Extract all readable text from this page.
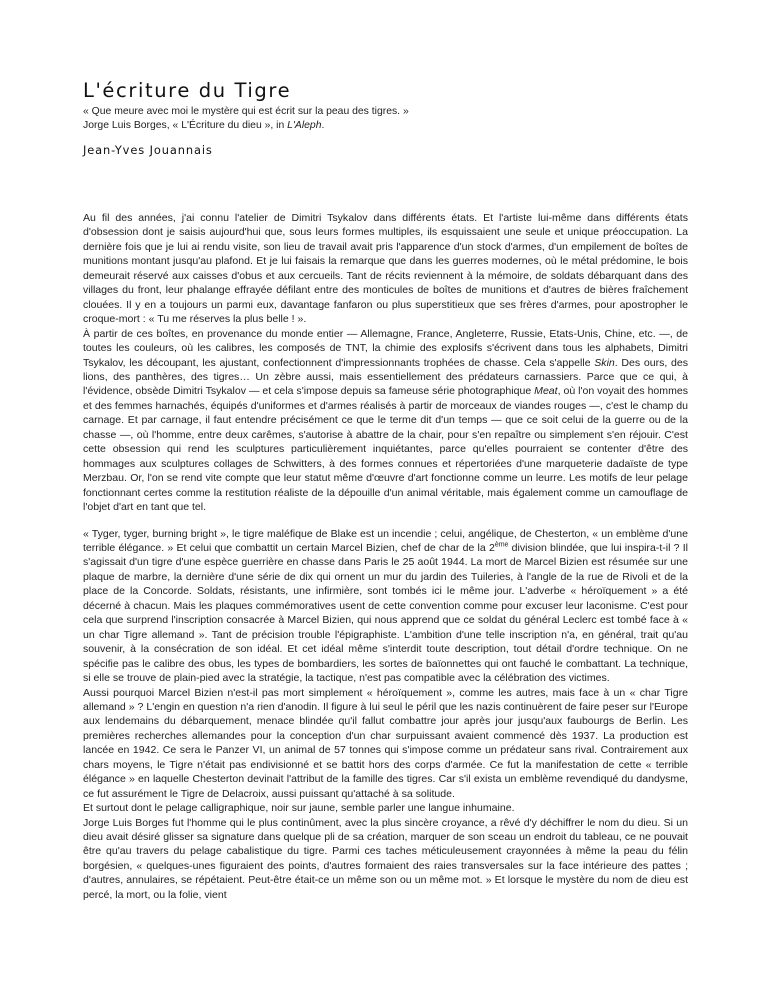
L'écriture du Tigre
« Que meure avec moi le mystère qui est écrit sur la peau des tigres. »
Jorge Luis Borges, « L'Écriture du dieu », in L'Aleph.
Jean-Yves Jouannais

Au fil des années, j'ai connu l'atelier de Dimitri Tsykalov dans différents états. Et l'artiste lui-même dans différents états d'obsession dont je saisis aujourd'hui que, sous leurs formes multiples, ils esquissaient une seule et unique préoccupation. La dernière fois que je lui ai rendu visite, son lieu de travail avait pris l'apparence d'un stock d'armes, d'un empilement de boîtes de munitions montant jusqu'au plafond. Et je lui faisais la remarque que dans les guerres modernes, où le métal prédomine, le bois demeurait réservé aux caisses d'obus et aux cercueils. Tant de récits reviennent à la mémoire, de soldats débarquant dans des villages du front, leur phalange effrayée défilant entre des monticules de boîtes de munitions et d'autres de bières fraîchement clouées. Il y en a toujours un parmi eux, davantage fanfaron ou plus superstitieux que ses frères d'armes, pour apostropher le croque-mort : « Tu me réserves la plus belle ! ».

À partir de ces boîtes, en provenance du monde entier — Allemagne, France, Angleterre, Russie, Etats-Unis, Chine, etc. —, de toutes les couleurs, où les calibres, les composés de TNT, la chimie des explosifs s'écrivent dans tous les alphabets, Dimitri Tsykalov, les découpant, les ajustant, confectionnent d'impressionnants trophées de chasse. Cela s'appelle Skin. Des ours, des lions, des panthères, des tigres… Un zèbre aussi, mais essentiellement des prédateurs carnassiers. Parce que ce qui, à l'évidence, obsède Dimitri Tsykalov — et cela s'impose depuis sa fameuse série photographique Meat, où l'on voyait des hommes et des femmes harnachés, équipés d'uniformes et d'armes réalisés à partir de morceaux de viandes rouges —, c'est le champ du carnage. Et par carnage, il faut entendre précisément ce que le terme dit d'un temps — que ce soit celui de la guerre ou de la chasse —, où l'homme, entre deux carêmes, s'autorise à abattre de la chair, pour s'en repaître ou simplement s'en réjouir. C'est cette obsession qui rend les sculptures particulièrement inquiétantes, parce qu'elles pourraient se contenter d'être des hommages aux sculptures collages de Schwitters, à des formes connues et répertoriées d'une marqueterie dadaïste de type Merzbau. Or, l'on se rend vite compte que leur statut même d'œuvre d'art fonctionne comme un leurre. Les motifs de leur pelage fonctionnant certes comme la restitution réaliste de la dépouille d'un animal véritable, mais également comme un camouflage de l'objet d'art en tant que tel.

« Tyger, tyger, burning bright », le tigre maléfique de Blake est un incendie ; celui, angélique, de Chesterton, « un emblème d'une terrible élégance. » Et celui que combattit un certain Marcel Bizien, chef de char de la 2ème division blindée, que lui inspira-t-il ? Il s'agissait d'un tigre d'une espèce guerrière en chasse dans Paris le 25 août 1944. La mort de Marcel Bizien est résumée sur une plaque de marbre, la dernière d'une série de dix qui ornent un mur du jardin des Tuileries, à l'angle de la rue de Rivoli et de la place de la Concorde. Soldats, résistants, une infirmière, sont tombés ici le même jour. L'adverbe « héroïquement » a été décerné à chacun. Mais les plaques commémoratives usent de cette convention comme pour excuser leur laconisme. C'est pour cela que surprend l'inscription consacrée à Marcel Bizien, qui nous apprend que ce soldat du général Leclerc est tombé face à « un char Tigre allemand ». Tant de précision trouble l'épigraphiste. L'ambition d'une telle inscription n'a, en général, trait qu'au souvenir, à la consécration de son idéal. Et cet idéal même s'interdit toute description, tout détail d'ordre technique. On ne spécifie pas le calibre des obus, les types de bombardiers, les sortes de baïonnettes qui ont fauché le combattant. La technique, si elle se trouve de plain-pied avec la stratégie, la tactique, n'est pas compatible avec la célébration des victimes.

Aussi pourquoi Marcel Bizien n'est-il pas mort simplement « héroïquement », comme les autres, mais face à un « char Tigre allemand » ? L'engin en question n'a rien d'anodin. Il figure à lui seul le péril que les nazis continuèrent de faire peser sur l'Europe aux lendemains du débarquement, menace blindée qu'il fallut combattre jour après jour jusqu'aux faubourgs de Berlin. Les premières recherches allemandes pour la conception d'un char surpuissant avaient commencé dès 1937. La production est lancée en 1942. Ce sera le Panzer VI, un animal de 57 tonnes qui s'impose comme un prédateur sans rival. Contrairement aux chars moyens, le Tigre n'était pas endivisionné et se battit hors des corps d'armée. Ce fut la manifestation de cette « terrible élégance » en laquelle Chesterton devinait l'attribut de la famille des tigres. Car s'il exista un emblème revendiqué du dandysme, ce fut assurément le Tigre de Delacroix, aussi puissant qu'attaché à sa solitude.

Et surtout dont le pelage calligraphique, noir sur jaune, semble parler une langue inhumaine.

Jorge Luis Borges fut l'homme qui le plus continûment, avec la plus sincère croyance, a rêvé d'y déchiffrer le nom du dieu. Si un dieu avait désiré glisser sa signature dans quelque pli de sa création, marquer de son sceau un endroit du tableau, ce ne pouvait être qu'au travers du pelage cabalistique du tigre. Parmi ces taches méticuleusement crayonnées à même la peau du félin borgésien, « quelques-unes figuraient des points, d'autres formaient des raies transversales sur la face intérieure des pattes ; d'autres, annulaires, se répétaient. Peut-être était-ce un même son ou un même mot. » Et lorsque le mystère du nom de dieu est percé, la mort, ou la folie, vient
